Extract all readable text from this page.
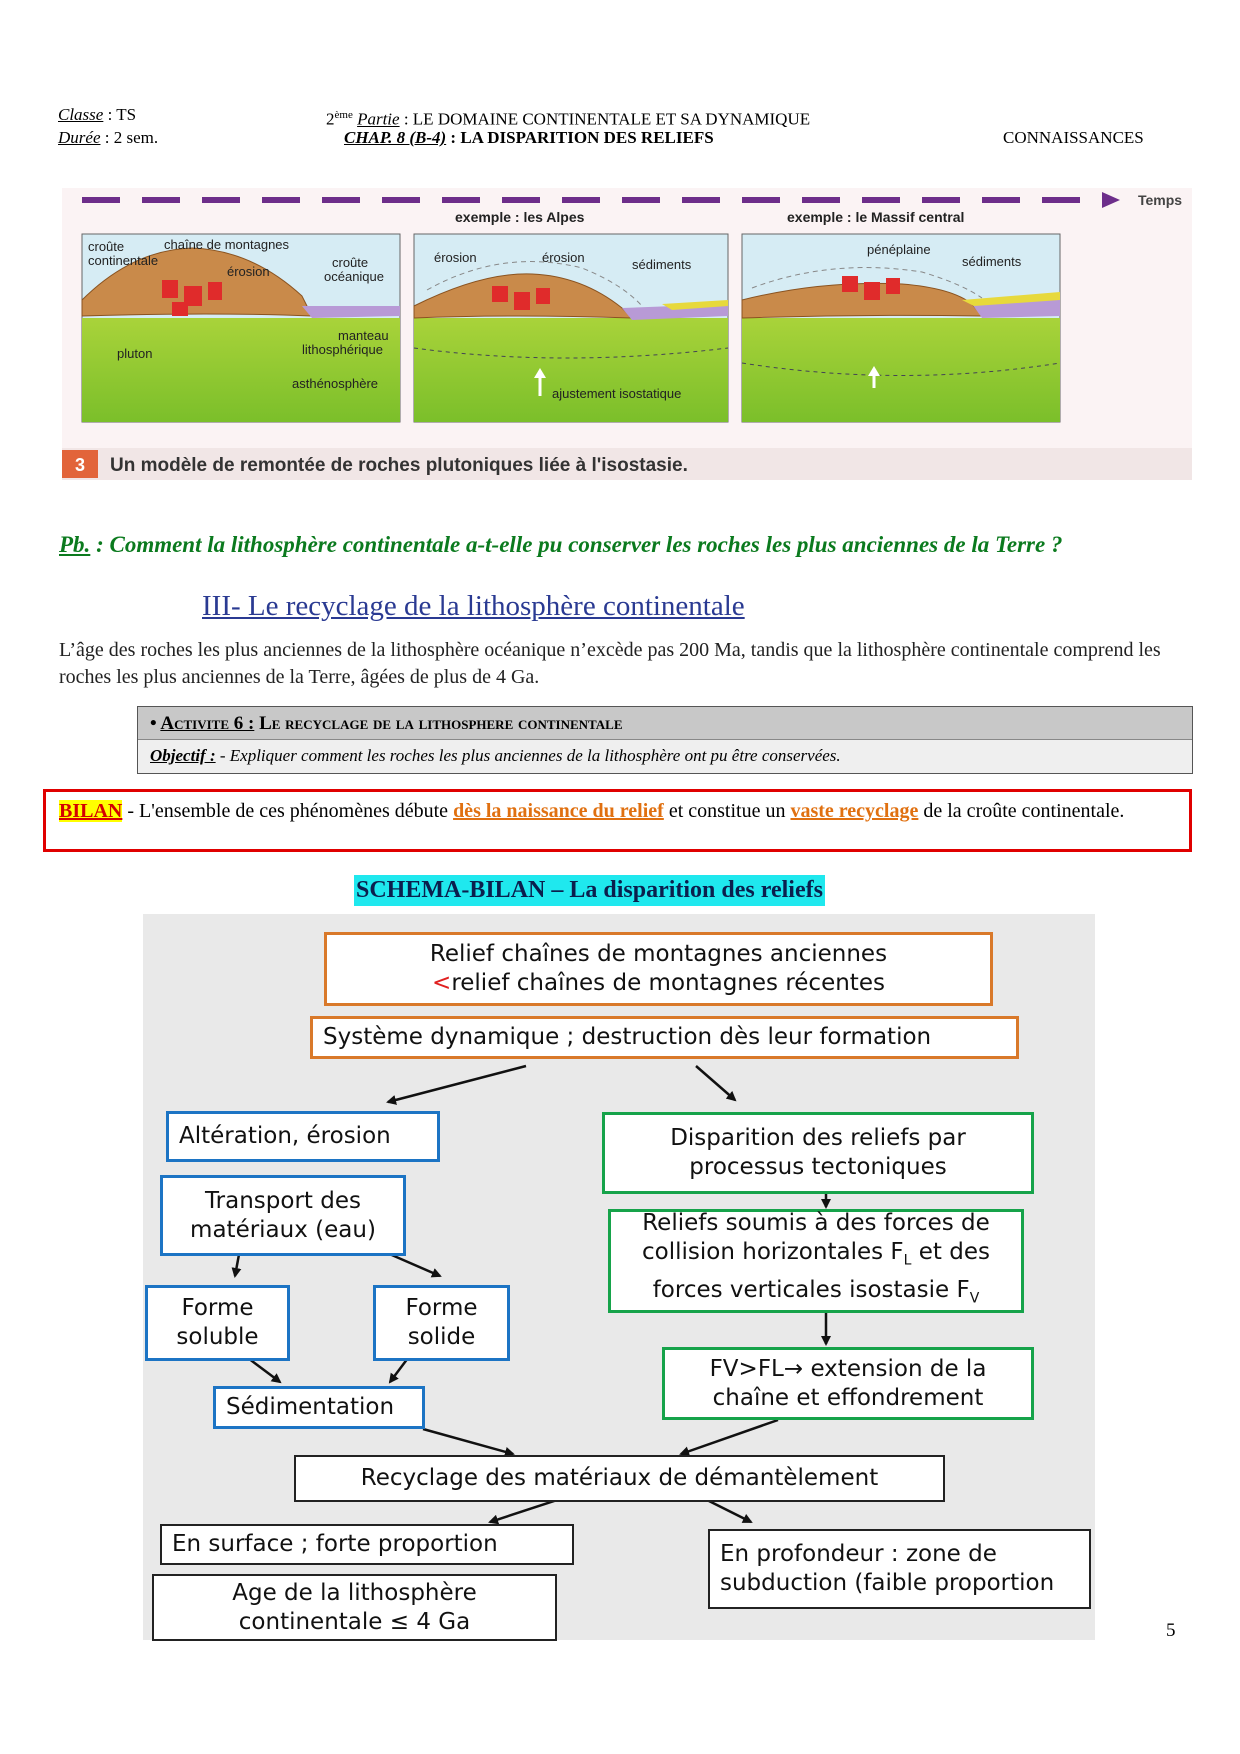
Classe : TS
Durée : 2 sem.
2ème Partie : LE DOMAINE CONTINENTALE ET SA DYNAMIQUE
CHAP. 8 (B-4) : LA DISPARITION DES RELIEFS	CONNAISSANCES
Temps
exemple : les Alpes	exemple : le Massif central
croûte
continentale
chaîne de montagnes
érosion
croûte
océanique
manteau
lithosphérique
pluton
asthénosphère
érosion	érosion	sédiments
ajustement isostatique
pénéplaine
sédiments
3 Un modèle de remontée de roches plutoniques liée à l'isostasie.
Pb. : Comment la lithosphère continentale a-t-elle pu conserver les roches les plus anciennes de la Terre ?
III- Le recyclage de la lithosphère continentale
L’âge des roches les plus anciennes de la lithosphère océanique n’excède pas 200 Ma, tandis que la lithosphère continentale comprend les roches les plus anciennes de la Terre, âgées de plus de 4 Ga.
• Activite 6 : Le recyclage de la lithosphere continentale
Objectif : - Expliquer comment les roches les plus anciennes de la lithosphère ont pu être conservées.
BILAN - L'ensemble de ces phénomènes débute dès la naissance du relief et constitue un vaste recyclage de la croûte continentale.
SCHEMA-BILAN – La disparition des reliefs
Relief chaînes de montagnes anciennes
<relief chaînes de montagnes récentes
Système dynamique ; destruction dès leur formation
Altération, érosion
Transport des
matériaux (eau)
Forme
soluble
Forme
solide
Sédimentation
Disparition des reliefs par
processus tectoniques
Reliefs soumis à des forces de
collision horizontales $F_L$ et des
forces verticales isostasie $F_V$
FV>FL→ extension de la
chaîne et effondrement
Recyclage des matériaux de démantèlement
En surface ; forte proportion
Age de la lithosphère
continentale ≤ 4 Ga
En profondeur : zone de
subduction (faible proportion
5
